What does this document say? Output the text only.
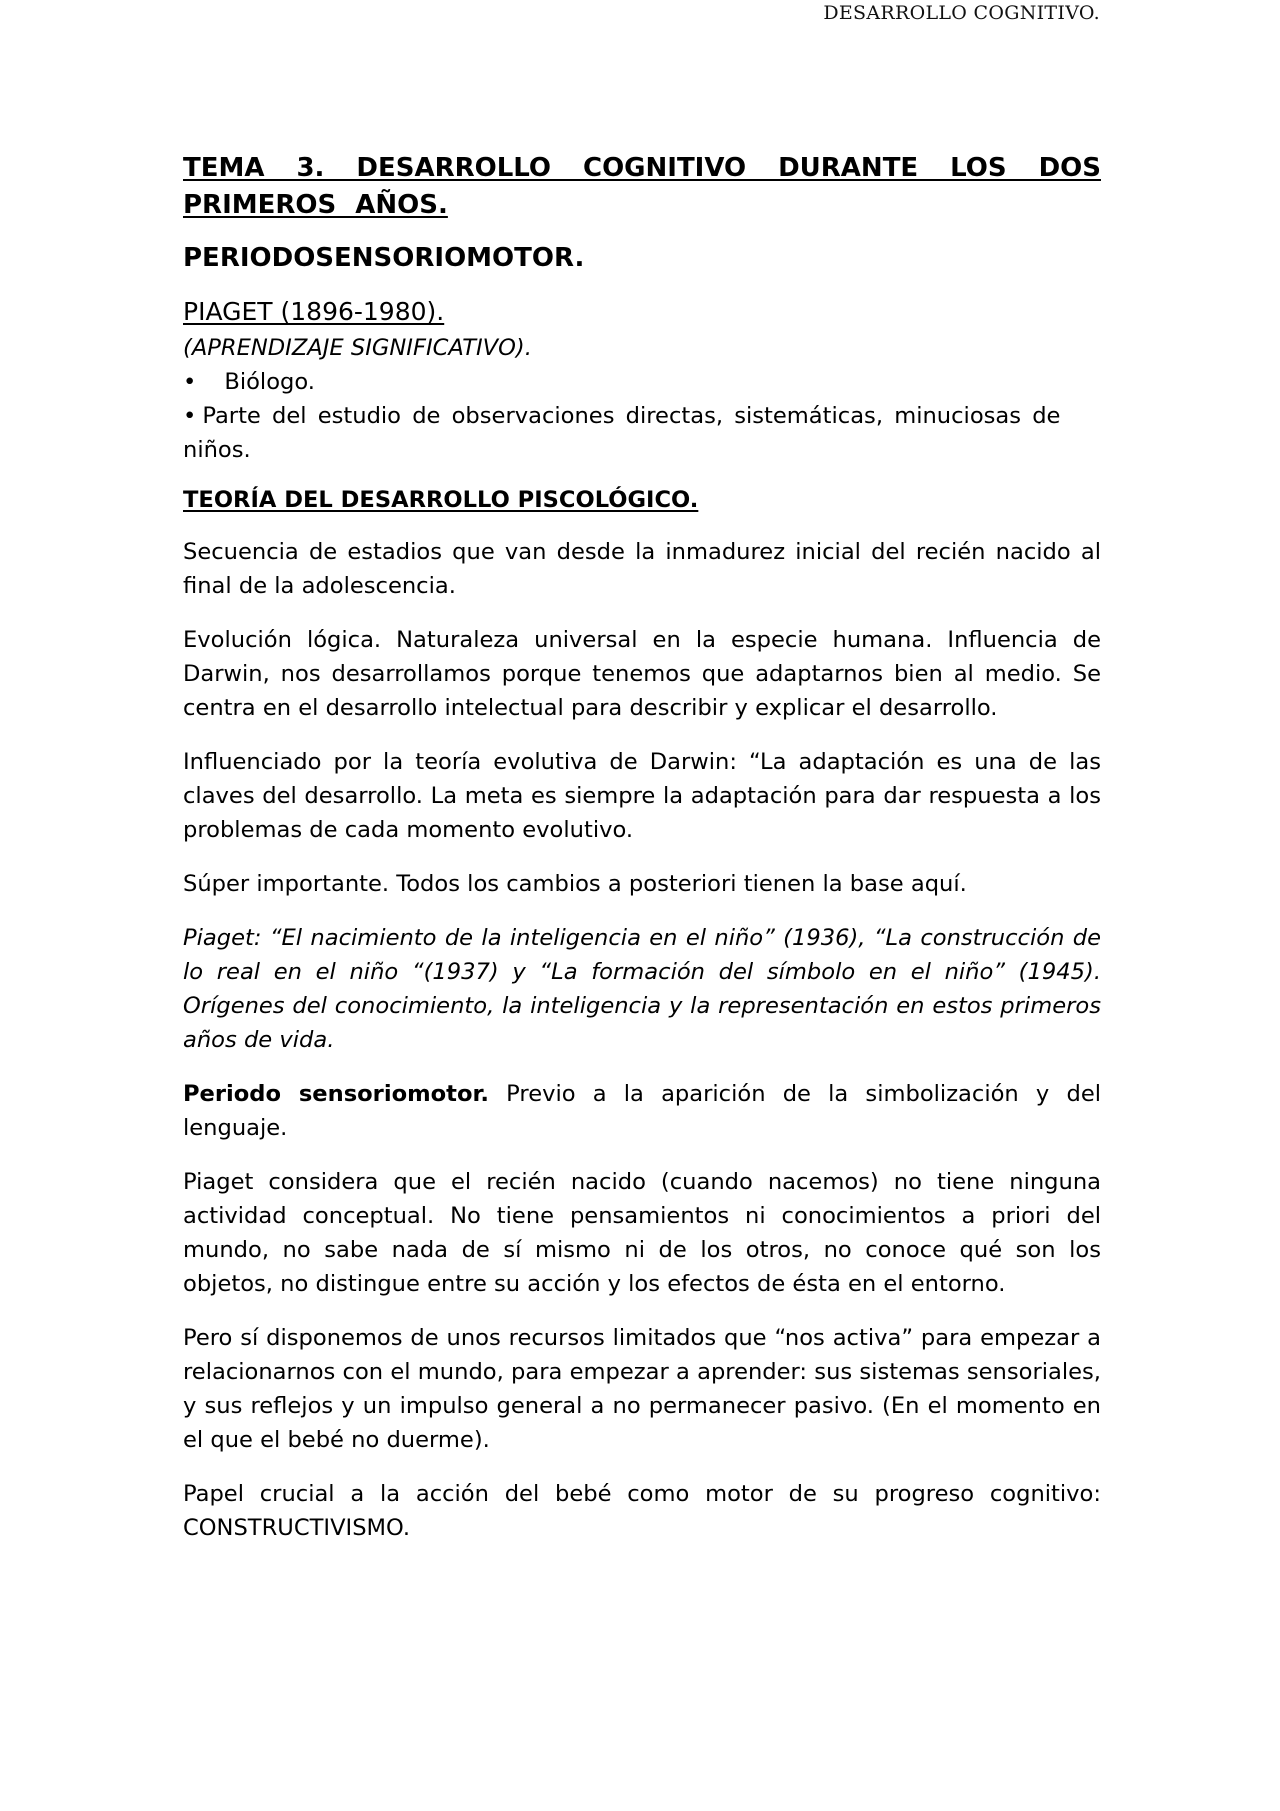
DESARROLLO COGNITIVO.
TEMA 3. DESARROLLO COGNITIVO DURANTE LOS DOS
PRIMEROS AÑOS.
PERIODOSENSORIOMOTOR.
PIAGET (1896-1980).
(APRENDIZAJE SIGNIFICATIVO).
• Biólogo.
• Parte del estudio de observaciones directas, sistemáticas, minuciosas de niños.
TEORÍA DEL DESARROLLO PISCOLÓGICO.

Secuencia de estadios que van desde la inmadurez inicial del recién nacido al final de la adolescencia.

Evolución lógica. Naturaleza universal en la especie humana. Influencia de Darwin, nos desarrollamos porque tenemos que adaptarnos bien al medio. Se centra en el desarrollo intelectual para describir y explicar el desarrollo.

Influenciado por la teoría evolutiva de Darwin: “La adaptación es una de las claves del desarrollo. La meta es siempre la adaptación para dar respuesta a los problemas de cada momento evolutivo.

Súper importante. Todos los cambios a posteriori tienen la base aquí.

Piaget: “El nacimiento de la inteligencia en el niño” (1936), “La construcción de lo real en el niño “(1937) y “La formación del símbolo en el niño” (1945). Orígenes del conocimiento, la inteligencia y la representación en estos primeros años de vida.

Periodo sensoriomotor. Previo a la aparición de la simbolización y del lenguaje.

Piaget considera que el recién nacido (cuando nacemos) no tiene ninguna actividad conceptual. No tiene pensamientos ni conocimientos a priori del mundo, no sabe nada de sí mismo ni de los otros, no conoce qué son los objetos, no distingue entre su acción y los efectos de ésta en el entorno.

Pero sí disponemos de unos recursos limitados que “nos activa” para empezar a relacionarnos con el mundo, para empezar a aprender: sus sistemas sensoriales, y sus reflejos y un impulso general a no permanecer pasivo. (En el momento en el que el bebé no duerme).

Papel crucial a la acción del bebé como motor de su progreso cognitivo: CONSTRUCTIVISMO.
